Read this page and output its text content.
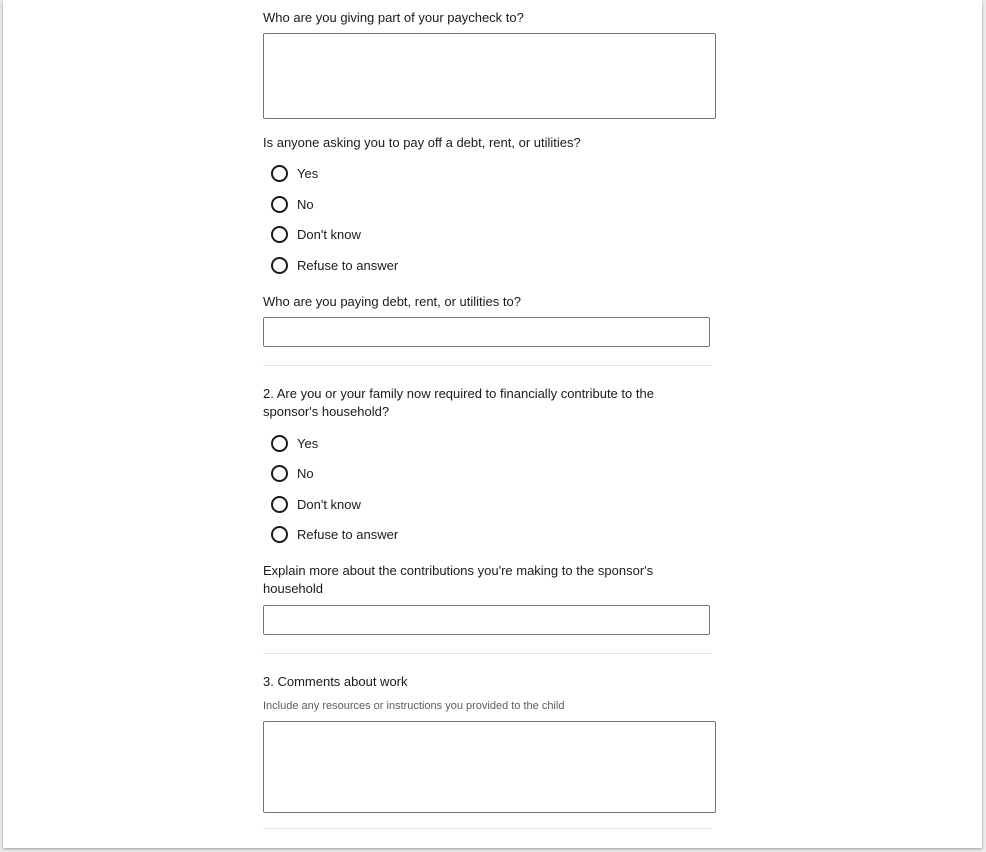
Who are you giving part of your paycheck to?
Is anyone asking you to pay off a debt, rent, or utilities?
Yes
No
Don't know
Refuse to answer
Who are you paying debt, rent, or utilities to?
2. Are you or your family now required to financially contribute to the sponsor's household?
Yes
No
Don't know
Refuse to answer
Explain more about the contributions you're making to the sponsor's household
3. Comments about work
Include any resources or instructions you provided to the child
